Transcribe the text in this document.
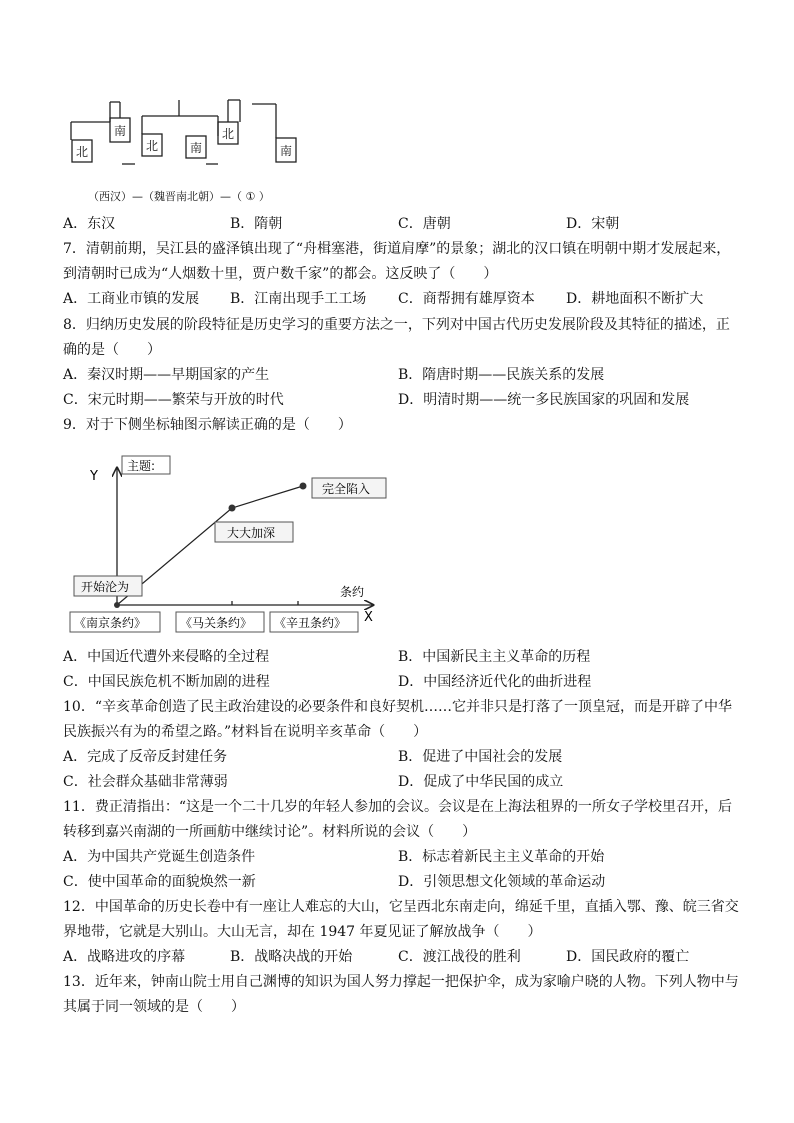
北
南
北	南
北
南
（西汉）—（魏晋南北朝）—（ ① ）
A．东汉	B．隋朝	C．唐朝	D．宋朝
7．清朝前期，吴江县的盛泽镇出现了“舟楫塞港，街道肩摩”的景象；湖北的汉口镇在明朝中期才发展起来，
到清朝时已成为“人烟数十里，贾户数千家”的都会。这反映了（　　）
A．工商业市镇的发展 B．江南出现手工工场 C．商帮拥有雄厚资本 D．耕地面积不断扩大
8．归纳历史发展的阶段特征是历史学习的重要方法之一，下列对中国古代历史发展阶段及其特征的描述，正
确的是（　　）
A．秦汉时期——早期国家的产生	B．隋唐时期——民族关系的发展
C．宋元时期——繁荣与开放的时代	D．明清时期——统一多民族国家的巩固和发展
9．对于下侧坐标轴图示解读正确的是（　　）
Y
X
主题:
条约
开始沦为
大大加深
完全陷入
《南京条约》	《马关条约》 《辛丑条约》
A．中国近代遭外来侵略的全过程	B．中国新民主主义革命的历程
C．中国民族危机不断加剧的进程	D．中国经济近代化的曲折进程
10．“辛亥革命创造了民主政治建设的必要条件和良好契机……它并非只是打落了一顶皇冠，而是开辟了中华
民族振兴有为的希望之路。”材料旨在说明辛亥革命（　　）
A．完成了反帝反封建任务	B．促进了中国社会的发展
C．社会群众基础非常薄弱	D．促成了中华民国的成立
11．费正清指出：“这是一个二十几岁的年轻人参加的会议。会议是在上海法租界的一所女子学校里召开，后
转移到嘉兴南湖的一所画舫中继续讨论”。材料所说的会议（　　）
A．为中国共产党诞生创造条件	B．标志着新民主主义革命的开始
C．使中国革命的面貌焕然一新	D．引领思想文化领域的革命运动
12．中国革命的历史长卷中有一座让人难忘的大山，它呈西北东南走向，绵延千里，直插入鄂、豫、皖三省交
界地带，它就是大别山。大山无言，却在 1947 年夏见证了解放战争（　　）
A．战略进攻的序幕	B．战略决战的开始	C．渡江战役的胜利	D．国民政府的覆亡
13．近年来，钟南山院士用自己渊博的知识为国人努力撑起一把保护伞，成为家喻户晓的人物。下列人物中与
其属于同一领域的是（　　）
